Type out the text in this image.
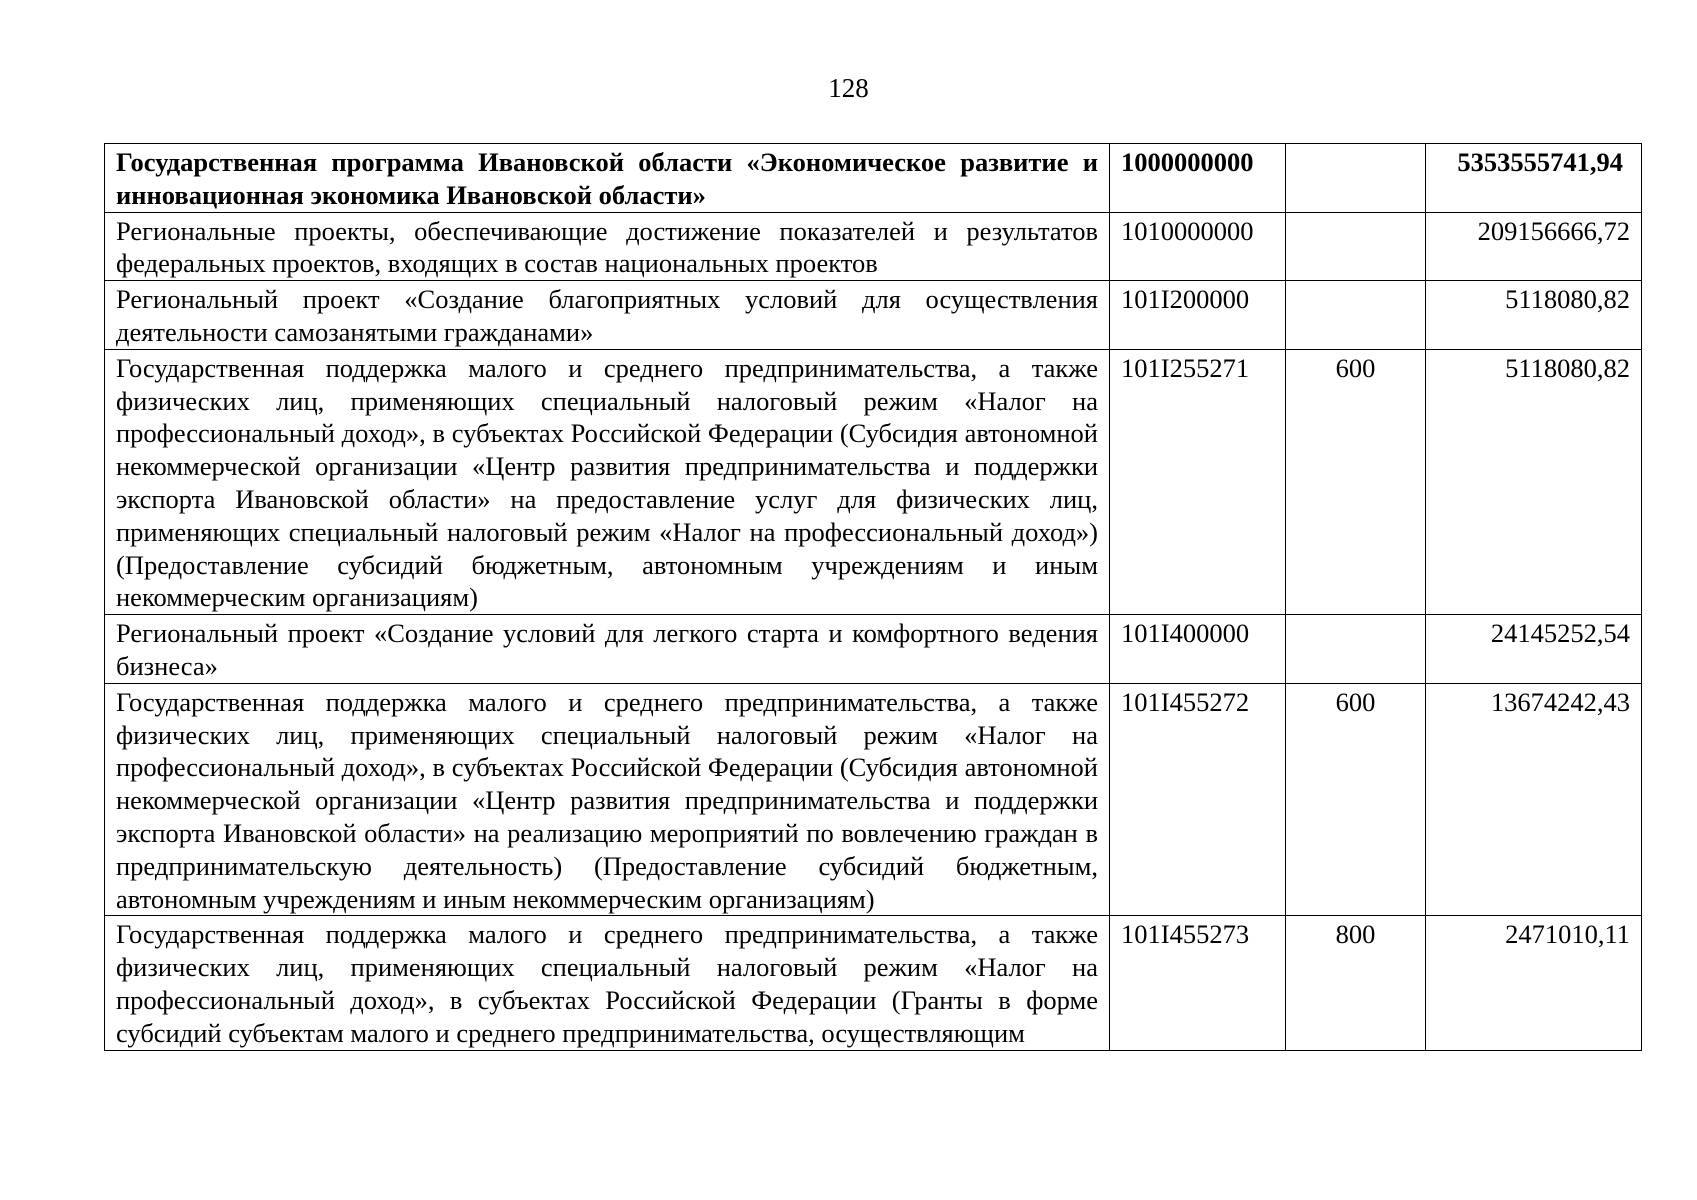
128
Государственная программа Ивановской области «Экономическое развитие и инновационная экономика Ивановской области»	1000000000		5353555741,94
Региональные проекты, обеспечивающие достижение показателей и результатов федеральных проектов, входящих в состав национальных проектов	1010000000		209156666,72
Региональный проект «Создание благоприятных условий для осуществления деятельности самозанятыми гражданами»	101I200000		5118080,82
Государственная поддержка малого и среднего предпринимательства, а также физических лиц, применяющих специальный налоговый режим «Налог на профессиональный доход», в субъектах Российской Федерации (Субсидия автономной некоммерческой организации «Центр развития предпринимательства и поддержки экспорта Ивановской области» на предоставление услуг для физических лиц, применяющих специальный налоговый режим «Налог на профессиональный доход») (Предоставление субсидий бюджетным, автономным учреждениям и иным некоммерческим организациям)	101I255271	600	5118080,82
Региональный проект «Создание условий для легкого старта и комфортного ведения бизнеса»	101I400000		24145252,54
Государственная поддержка малого и среднего предпринимательства, а также физических лиц, применяющих специальный налоговый режим «Налог на профессиональный доход», в субъектах Российской Федерации (Субсидия автономной некоммерческой организации «Центр развития предпринимательства и поддержки экспорта Ивановской области» на реализацию мероприятий по вовлечению граждан в предпринимательскую деятельность) (Предоставление субсидий бюджетным, автономным учреждениям и иным некоммерческим организациям)	101I455272	600	13674242,43
Государственная поддержка малого и среднего предпринимательства, а также физических лиц, применяющих специальный налоговый режим «Налог на профессиональный доход», в субъектах Российской Федерации (Гранты в форме субсидий субъектам малого и среднего предпринимательства, осуществляющим	101I455273	800	2471010,11
